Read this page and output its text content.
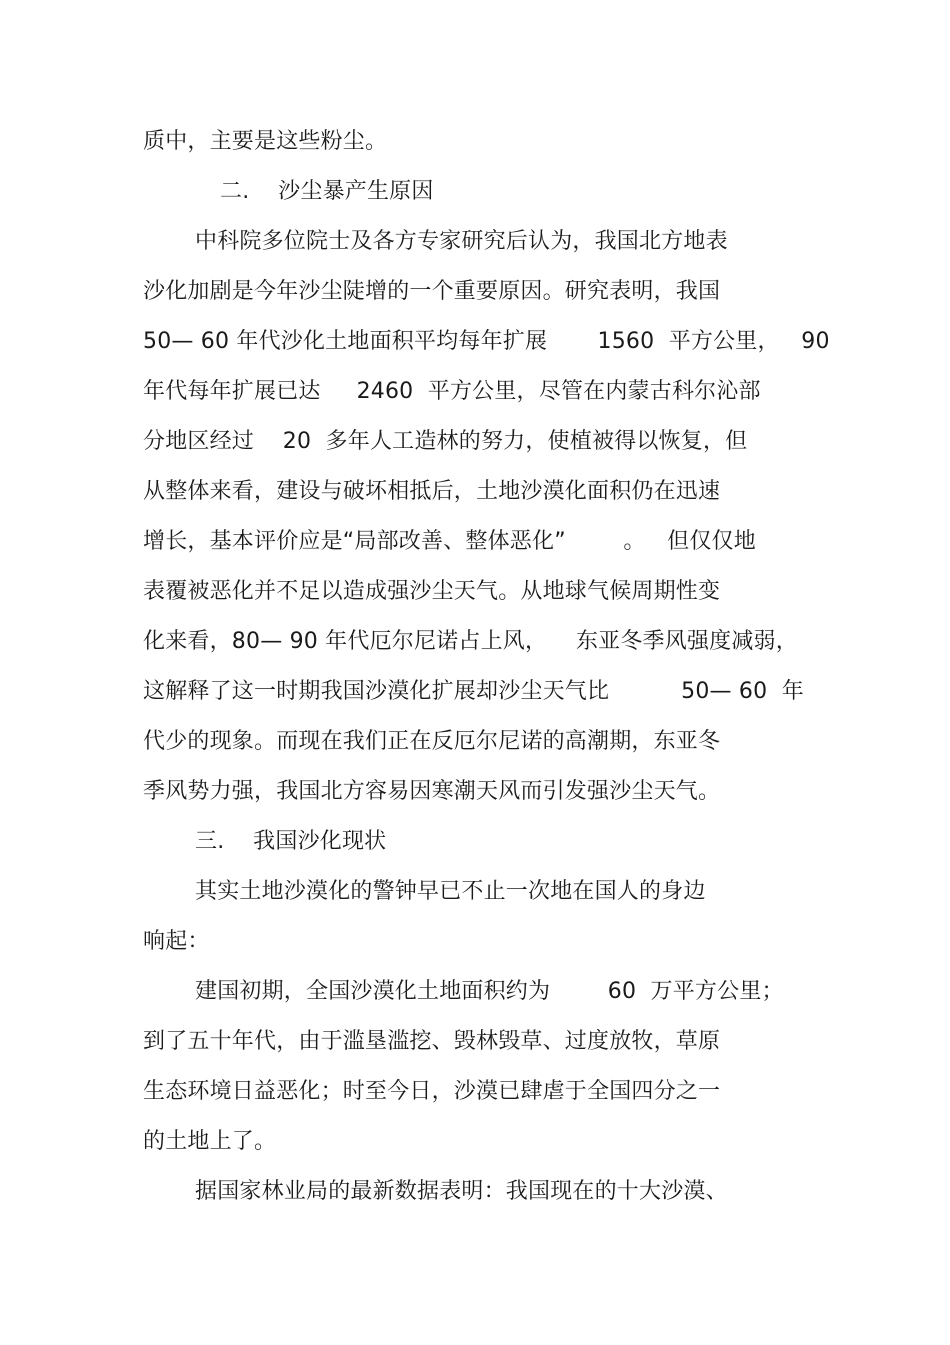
质中，主要是这些粉尘。
二.    沙尘暴产生原因
中科院多位院士及各方专家研究后认为，我国北方地表
沙化加剧是今年沙尘陡增的一个重要原因。研究表明，我国
50— 60 年代沙化土地面积平均每年扩展       1560  平方公里，   90
年代每年扩展已达     2460  平方公里，尽管在内蒙古科尔沁部
分地区经过    20  多年人工造林的努力，使植被得以恢复，但
从整体来看，建设与破坏相抵后，土地沙漠化面积仍在迅速
增长，基本评价应是“局部改善、整体恶化”        。   但仅仅地
表覆被恶化并不足以造成强沙尘天气。从地球气候周期性变
化来看，80— 90 年代厄尔尼诺占上风，    东亚冬季风强度减弱，
这解释了这一时期我国沙漠化扩展却沙尘天气比          50— 60  年
代少的现象。而现在我们正在反厄尔尼诺的高潮期，东亚冬
季风势力强，我国北方容易因寒潮天风而引发强沙尘天气。
三.    我国沙化现状
其实土地沙漠化的警钟早已不止一次地在国人的身边
响起：
建国初期，全国沙漠化土地面积约为        60  万平方公里；
到了五十年代，由于滥垦滥挖、毁林毁草、过度放牧，草原
生态环境日益恶化；时至今日，沙漠已肆虐于全国四分之一
的土地上了。
据国家林业局的最新数据表明：我国现在的十大沙漠、
